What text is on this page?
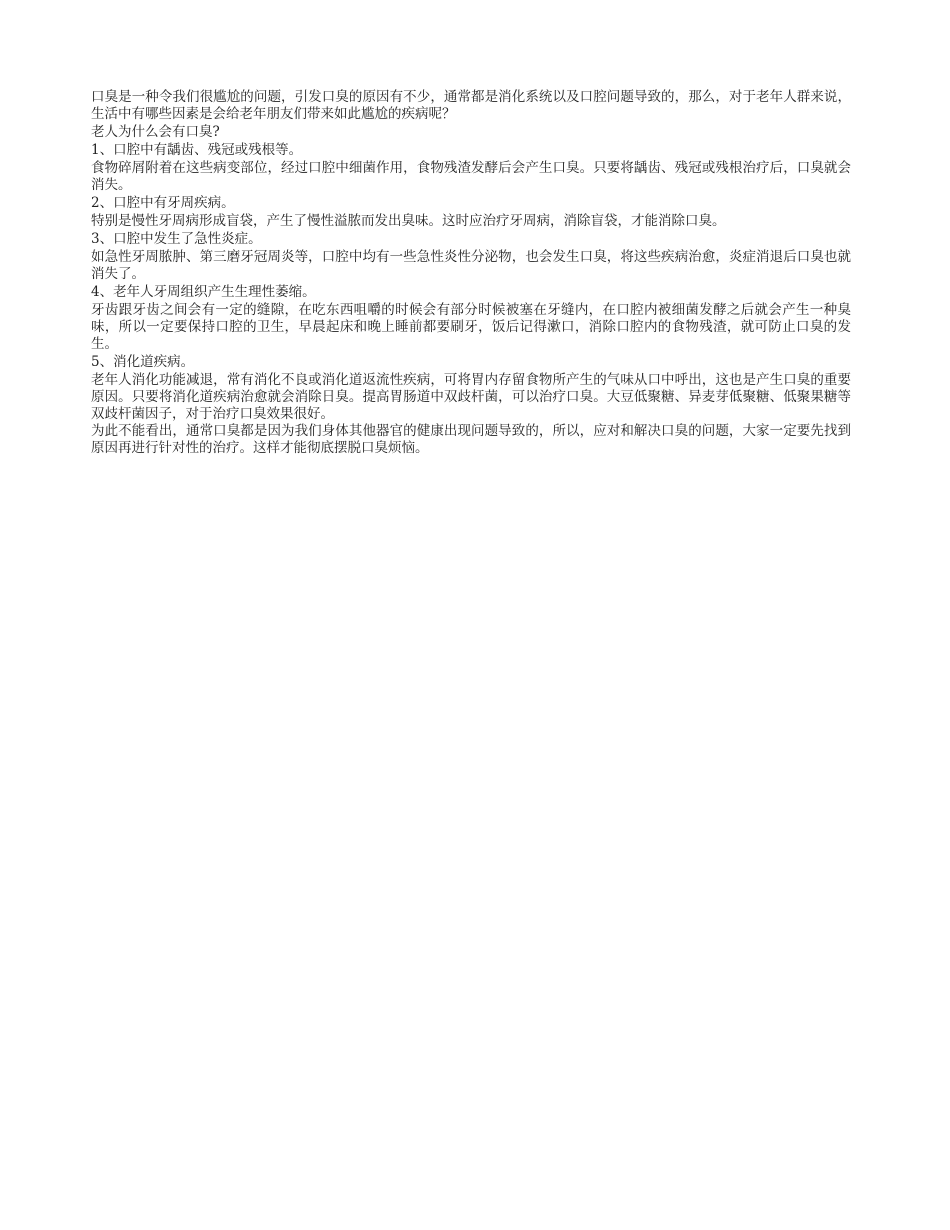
口臭是一种令我们很尴尬的问题，引发口臭的原因有不少，通常都是消化系统以及口腔问题导致的，那么，对于老年人群来说，生活中有哪些因素是会给老年朋友们带来如此尴尬的疾病呢？

老人为什么会有口臭?

1、口腔中有龋齿、残冠或残根等。

食物碎屑附着在这些病变部位，经过口腔中细菌作用，食物残渣发酵后会产生口臭。只要将龋齿、残冠或残根治疗后，口臭就会消失。

2、口腔中有牙周疾病。

特别是慢性牙周病形成盲袋，产生了慢性溢脓而发出臭味。这时应治疗牙周病，消除盲袋，才能消除口臭。

3、口腔中发生了急性炎症。

如急性牙周脓肿、第三磨牙冠周炎等，口腔中均有一些急性炎性分泌物，也会发生口臭，将这些疾病治愈，炎症消退后口臭也就消失了。

4、老年人牙周组织产生生理性萎缩。

牙齿跟牙齿之间会有一定的缝隙，在吃东西咀嚼的时候会有部分时候被塞在牙缝内，在口腔内被细菌发酵之后就会产生一种臭味，所以一定要保持口腔的卫生，早晨起床和晚上睡前都要刷牙，饭后记得漱口，消除口腔内的食物残渣，就可防止口臭的发生。

5、消化道疾病。

老年人消化功能减退，常有消化不良或消化道返流性疾病，可将胃内存留食物所产生的气味从口中呼出，这也是产生口臭的重要原因。只要将消化道疾病治愈就会消除日臭。提高胃肠道中双歧杆菌，可以治疗口臭。大豆低聚糖、异麦芽低聚糖、低聚果糖等双歧杆菌因子，对于治疗口臭效果很好。

为此不能看出，通常口臭都是因为我们身体其他器官的健康出现问题导致的，所以，应对和解决口臭的问题，大家一定要先找到原因再进行针对性的治疗。这样才能彻底摆脱口臭烦恼。
